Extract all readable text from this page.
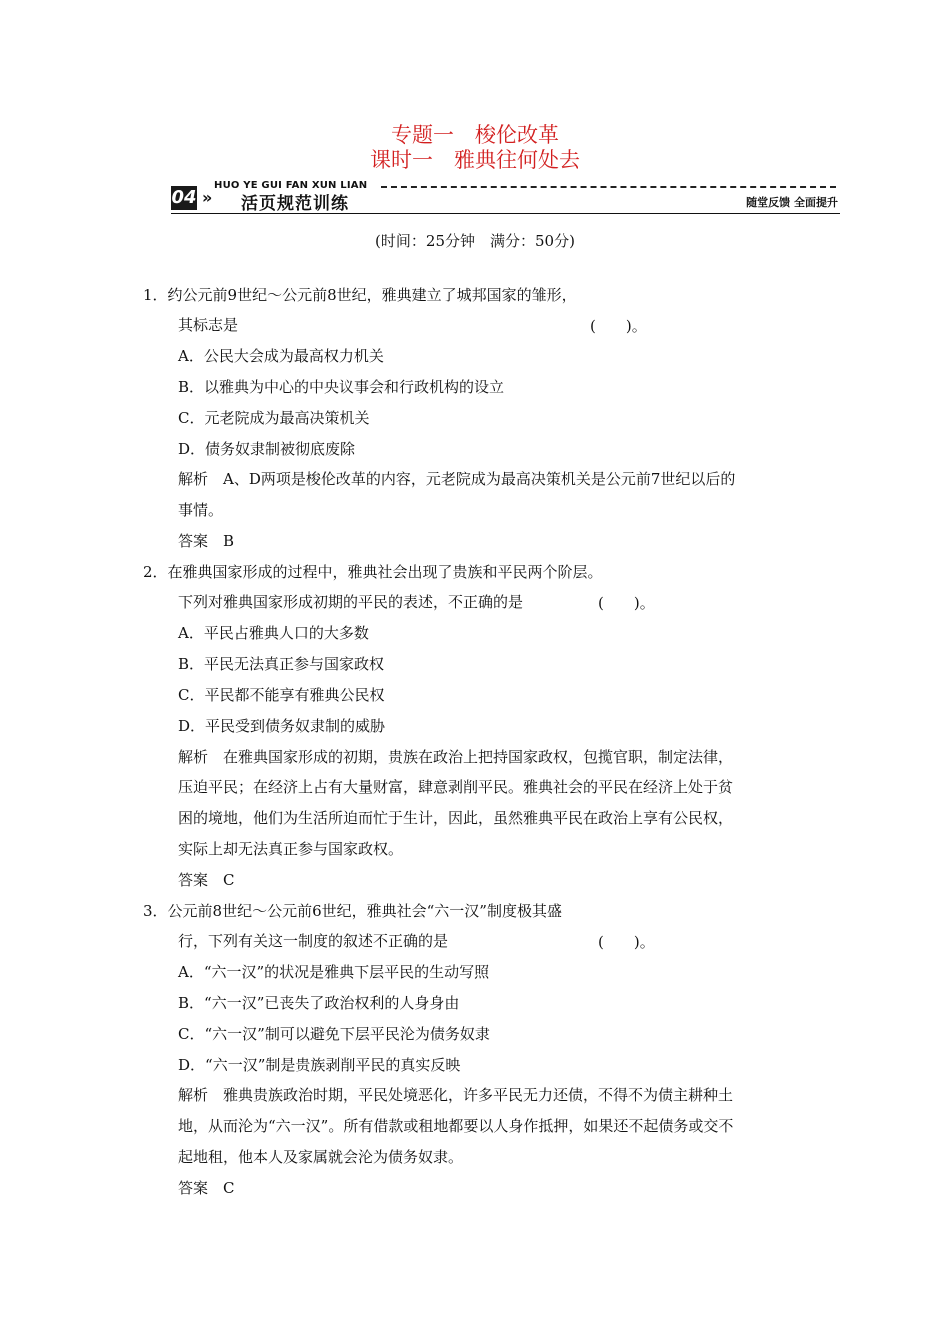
专题一　梭伦改革
课时一　雅典往何处去
HUO YE GUI FAN XUN LIAN
04 » 活页规范训练	随堂反馈 全面提升
(时间：25分钟　满分：50分)
1．约公元前9世纪～公元前8世纪，雅典建立了城邦国家的雏形，
其标志是	(　　)。
A．公民大会成为最高权力机关
B．以雅典为中心的中央议事会和行政机构的设立
C．元老院成为最高决策机关
D．债务奴隶制被彻底废除
解析　A、D两项是梭伦改革的内容，元老院成为最高决策机关是公元前7世纪以后的
事情。
答案　B
2．在雅典国家形成的过程中，雅典社会出现了贵族和平民两个阶层。
下列对雅典国家形成初期的平民的表述，不正确的是	(　　)。
A．平民占雅典人口的大多数
B．平民无法真正参与国家政权
C．平民都不能享有雅典公民权
D．平民受到债务奴隶制的威胁
解析　在雅典国家形成的初期，贵族在政治上把持国家政权，包揽官职，制定法律，
压迫平民；在经济上占有大量财富，肆意剥削平民。雅典社会的平民在经济上处于贫
困的境地，他们为生活所迫而忙于生计，因此，虽然雅典平民在政治上享有公民权，
实际上却无法真正参与国家政权。
答案　C
3．公元前8世纪～公元前6世纪，雅典社会“六一汉”制度极其盛
行，下列有关这一制度的叙述不正确的是	(　　)。
A．“六一汉”的状况是雅典下层平民的生动写照
B．“六一汉”已丧失了政治权利的人身身由
C．“六一汉”制可以避免下层平民沦为债务奴隶
D．“六一汉”制是贵族剥削平民的真实反映
解析　雅典贵族政治时期，平民处境恶化，许多平民无力还债，不得不为债主耕种土
地，从而沦为“六一汉”。所有借款或租地都要以人身作抵押，如果还不起债务或交不
起地租，他本人及家属就会沦为债务奴隶。
答案　C
